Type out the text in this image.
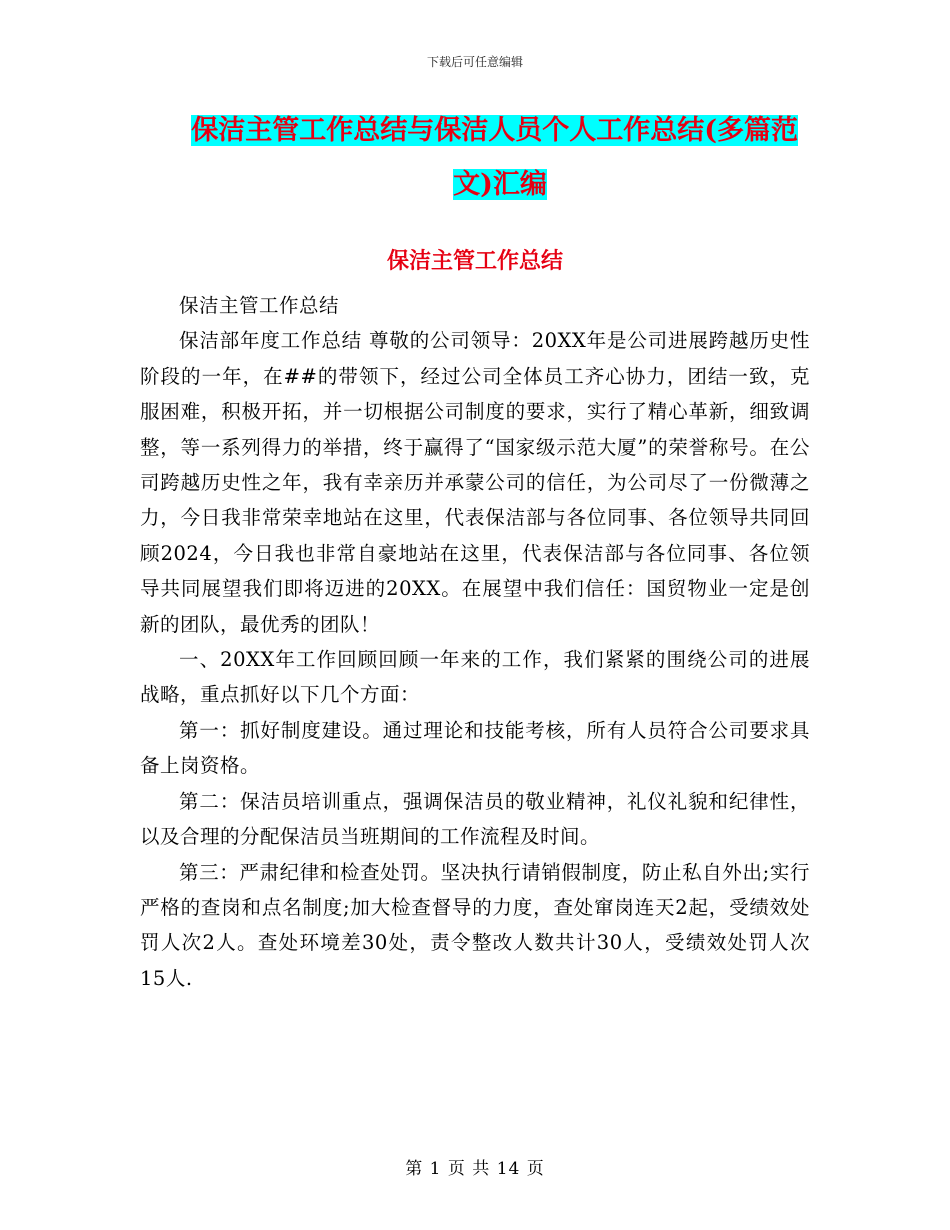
下载后可任意编辑
保洁主管工作总结与保洁人员个人工作总结(多篇范
文)汇编
保洁主管工作总结

保洁主管工作总结

保洁部年度工作总结 尊敬的公司领导：20XX年是公司进展跨越历史性阶段的一年，在##的带领下，经过公司全体员工齐心协力，团结一致，克服困难，积极开拓，并一切根据公司制度的要求，实行了精心革新，细致调整，等一系列得力的举措，终于赢得了“国家级示范大厦”的荣誉称号。在公司跨越历史性之年，我有幸亲历并承蒙公司的信任，为公司尽了一份微薄之力，今日我非常荣幸地站在这里，代表保洁部与各位同事、各位领导共同回顾2024，今日我也非常自豪地站在这里，代表保洁部与各位同事、各位领导共同展望我们即将迈进的20XX。在展望中我们信任：国贸物业一定是创新的团队，最优秀的团队！

一、20XX年工作回顾回顾一年来的工作，我们紧紧的围绕公司的进展战略，重点抓好以下几个方面：

第一：抓好制度建设。通过理论和技能考核，所有人员符合公司要求具备上岗资格。

第二：保洁员培训重点，强调保洁员的敬业精神，礼仪礼貌和纪律性，以及合理的分配保洁员当班期间的工作流程及时间。

第三：严肃纪律和检查处罚。坚决执行请销假制度，防止私自外出;实行严格的查岗和点名制度;加大检查督导的力度，查处窜岗连天2起，受绩效处罚人次2人。查处环境差30处，责令整改人数共计30人，受绩效处罚人次15人.

第 1 页 共 14 页
